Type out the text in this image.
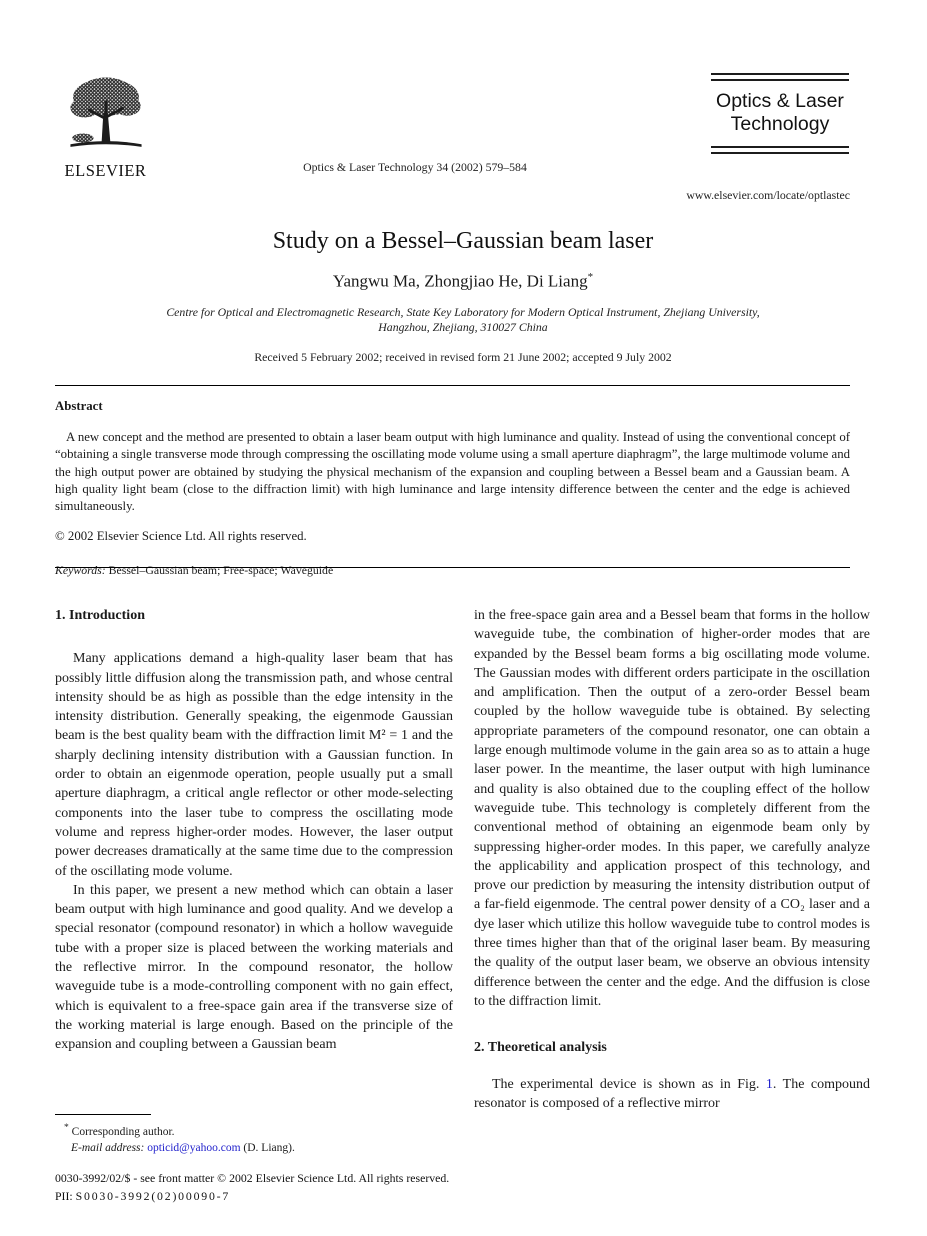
ELSEVIER	Optics & Laser Technology 34 (2002) 579–584
Optics & Laser
Technology
www.elsevier.com/locate/optlastec
Study on a Bessel–Gaussian beam laser
Yangwu Ma, Zhongjiao He, Di Liang*
Centre for Optical and Electromagnetic Research, State Key Laboratory for Modern Optical Instrument, Zhejiang University,
Hangzhou, Zhejiang, 310027 China
Received 5 February 2002; received in revised form 21 June 2002; accepted 9 July 2002
Abstract

A new concept and the method are presented to obtain a laser beam output with high luminance and quality. Instead of using the conventional concept of “obtaining a single transverse mode through compressing the oscillating mode volume using a small aperture diaphragm”, the large multimode volume and the high output power are obtained by studying the physical mechanism of the expansion and coupling between a Bessel beam and a Gaussian beam. A high quality light beam (close to the diffraction limit) with high luminance and large intensity difference between the center and the edge is achieved simultaneously.

© 2002 Elsevier Science Ltd. All rights reserved.
Keywords: Bessel–Gaussian beam; Free-space; Waveguide
1. Introduction

Many applications demand a high-quality laser beam that has possibly little diffusion along the transmission path, and whose central intensity should be as high as possible than the edge intensity in the intensity distribution. Generally speaking, the eigenmode Gaussian beam is the best quality beam with the diffraction limit M² = 1 and the sharply declining intensity distribution with a Gaussian function. In order to obtain an eigenmode operation, people usually put a small aperture diaphragm, a critical angle reflector or other mode-selecting components into the laser tube to compress the oscillating mode volume and repress higher-order modes. However, the laser output power decreases dramatically at the same time due to the compression of the oscillating mode volume.

In this paper, we present a new method which can obtain a laser beam output with high luminance and good quality. And we develop a special resonator (compound resonator) in which a hollow waveguide tube with a proper size is placed between the working materials and the reflective mirror. In the compound resonator, the hollow waveguide tube is a mode-controlling component with no gain effect, which is equivalent to a free-space gain area if the transverse size of the working material is large enough. Based on the principle of the expansion and coupling between a Gaussian beam

in the free-space gain area and a Bessel beam that forms in the hollow waveguide tube, the combination of higher-order modes that are expanded by the Bessel beam forms a big oscillating mode volume. The Gaussian modes with different orders participate in the oscillation and amplification. Then the output of a zero-order Bessel beam coupled by the hollow waveguide tube is obtained. By selecting appropriate parameters of the compound resonator, one can obtain a large enough multimode volume in the gain area so as to attain a huge laser power. In the meantime, the laser output with high luminance and quality is also obtained due to the coupling effect of the hollow waveguide tube. This technology is completely different from the conventional method of obtaining an eigenmode beam only by suppressing higher-order modes. In this paper, we carefully analyze the applicability and application prospect of this technology, and prove our prediction by measuring the intensity distribution output of a far-field eigenmode. The central power density of a CO₂ laser and a dye laser which utilize this hollow waveguide tube to control modes is three times higher than that of the original laser beam. By measuring the quality of the output laser beam, we observe an obvious intensity difference between the center and the edge. And the diffusion is close to the diffraction limit.

2. Theoretical analysis

The experimental device is shown as in Fig. 1. The compound resonator is composed of a reflective mirror

* Corresponding author.
E-mail address: opticid@yahoo.com (D. Liang).
0030-3992/02/$ - see front matter © 2002 Elsevier Science Ltd. All rights reserved.
PII: S0030-3992(02)00090-7
